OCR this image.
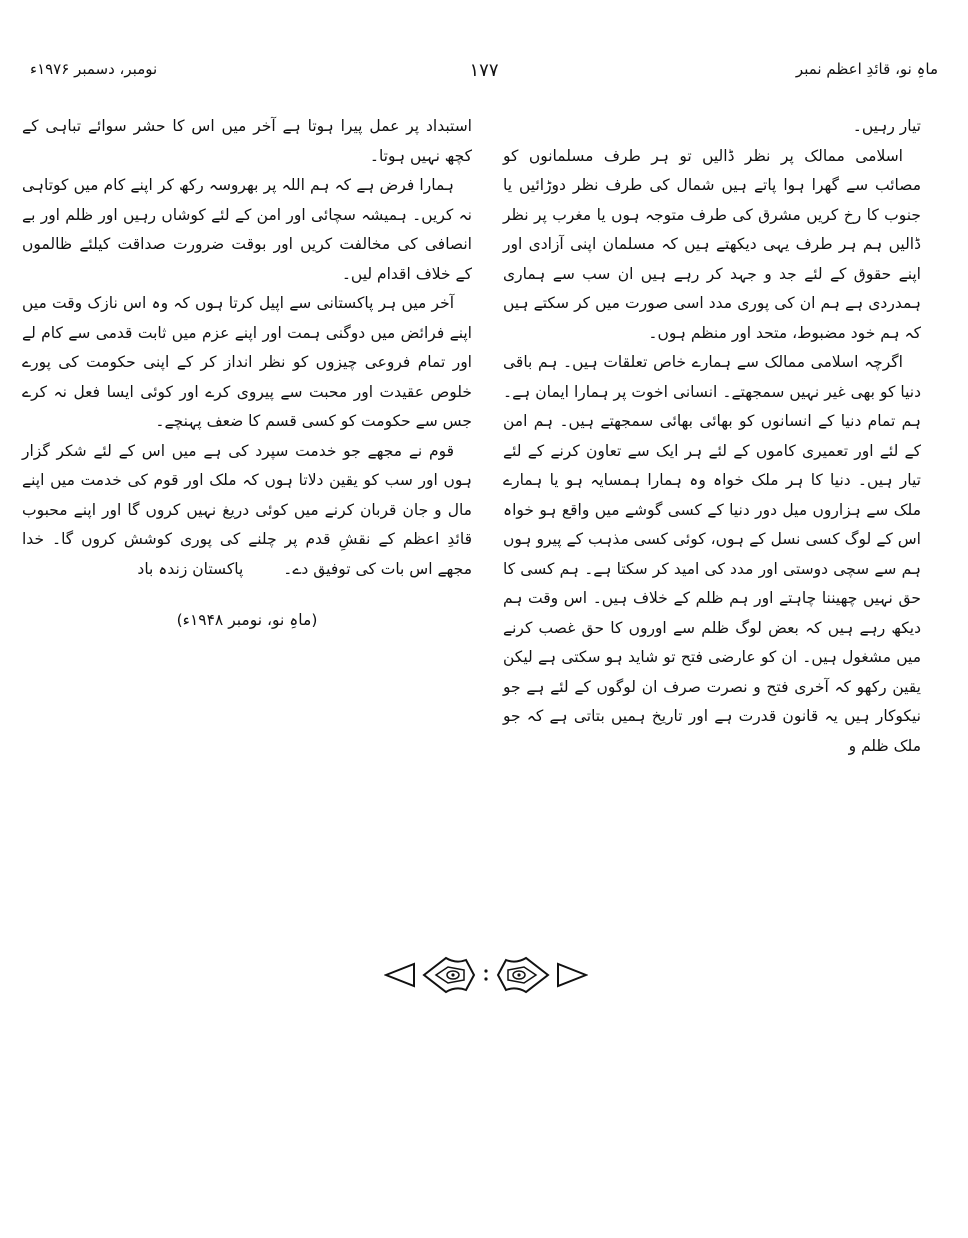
ماہِ نو، قائدِ اعظم نمبر
١٧٧
نومبر، دسمبر ۱۹۷۶ء

تیار رہیں۔

اسلامی ممالک پر نظر ڈالیں تو ہر طرف مسلمانوں کو مصائب سے گھرا ہوا پاتے ہیں شمال کی طرف نظر دوڑائیں یا جنوب کا رخ کریں مشرق کی طرف متوجہ ہوں یا مغرب پر نظر ڈالیں ہم ہر طرف یہی دیکھتے ہیں کہ مسلمان اپنی آزادی اور اپنے حقوق کے لئے جد و جہد کر رہے ہیں ان سب سے ہماری ہمدردی ہے ہم ان کی پوری مدد اسی صورت میں کر سکتے ہیں کہ ہم خود مضبوط، متحد اور منظم ہوں۔

اگرچہ اسلامی ممالک سے ہمارے خاص تعلقات ہیں۔ ہم باقی دنیا کو بھی غیر نہیں سمجھتے۔ انسانی اخوت پر ہمارا ایمان ہے۔ ہم تمام دنیا کے انسانوں کو بھائی بھائی سمجھتے ہیں۔ ہم امن کے لئے اور تعمیری کاموں کے لئے ہر ایک سے تعاون کرنے کے لئے تیار ہیں۔ دنیا کا ہر ملک خواہ وہ ہمارا ہمسایہ ہو یا ہمارے ملک سے ہزاروں میل دور دنیا کے کسی گوشے میں واقع ہو خواہ اس کے لوگ کسی نسل کے ہوں، کوئی کسی مذہب کے پیرو ہوں ہم سے سچی دوستی اور مدد کی امید کر سکتا ہے۔ ہم کسی کا حق نہیں چھیننا چاہتے اور ہم ظلم کے خلاف ہیں۔ اس وقت ہم دیکھ رہے ہیں کہ بعض لوگ ظلم سے اوروں کا حق غصب کرنے میں مشغول ہیں۔ ان کو عارضی فتح تو شاید ہو سکتی ہے لیکن یقین رکھو کہ آخری فتح و نصرت صرف ان لوگوں کے لئے ہے جو نیکوکار ہیں یہ قانون قدرت ہے اور تاریخ ہمیں بتاتی ہے کہ جو ملک ظلم و

استبداد پر عمل پیرا ہوتا ہے آخر میں اس کا حشر سوائے تباہی کے کچھ نہیں ہوتا۔

ہمارا فرض ہے کہ ہم اللہ پر بھروسہ رکھ کر اپنے کام میں کوتاہی نہ کریں۔ ہمیشہ سچائی اور امن کے لئے کوشاں رہیں اور ظلم اور بے انصافی کی مخالفت کریں اور بوقت ضرورت صداقت کیلئے ظالموں کے خلاف اقدام لیں۔

آخر میں ہر پاکستانی سے اپیل کرتا ہوں کہ وہ اس نازک وقت میں اپنے فرائض میں دوگنی ہمت اور اپنے عزم میں ثابت قدمی سے کام لے اور تمام فروعی چیزوں کو نظر انداز کر کے اپنی حکومت کی پورے خلوص عقیدت اور محبت سے پیروی کرے اور کوئی ایسا فعل نہ کرے جس سے حکومت کو کسی قسم کا ضعف پہنچے۔

قوم نے مجھے جو خدمت سپرد کی ہے میں اس کے لئے شکر گزار ہوں اور سب کو یقین دلاتا ہوں کہ ملک اور قوم کی خدمت میں اپنے مال و جان قربان کرنے میں کوئی دریغ نہیں کروں گا اور اپنے محبوب قائدِ اعظم کے نقشِ قدم پر چلنے کی پوری کوشش کروں گا۔ خدا مجھے اس بات کی توفیق دے۔پاکستان زندہ باد

(ماہِ نو، نومبر ۱۹۴۸ء)
